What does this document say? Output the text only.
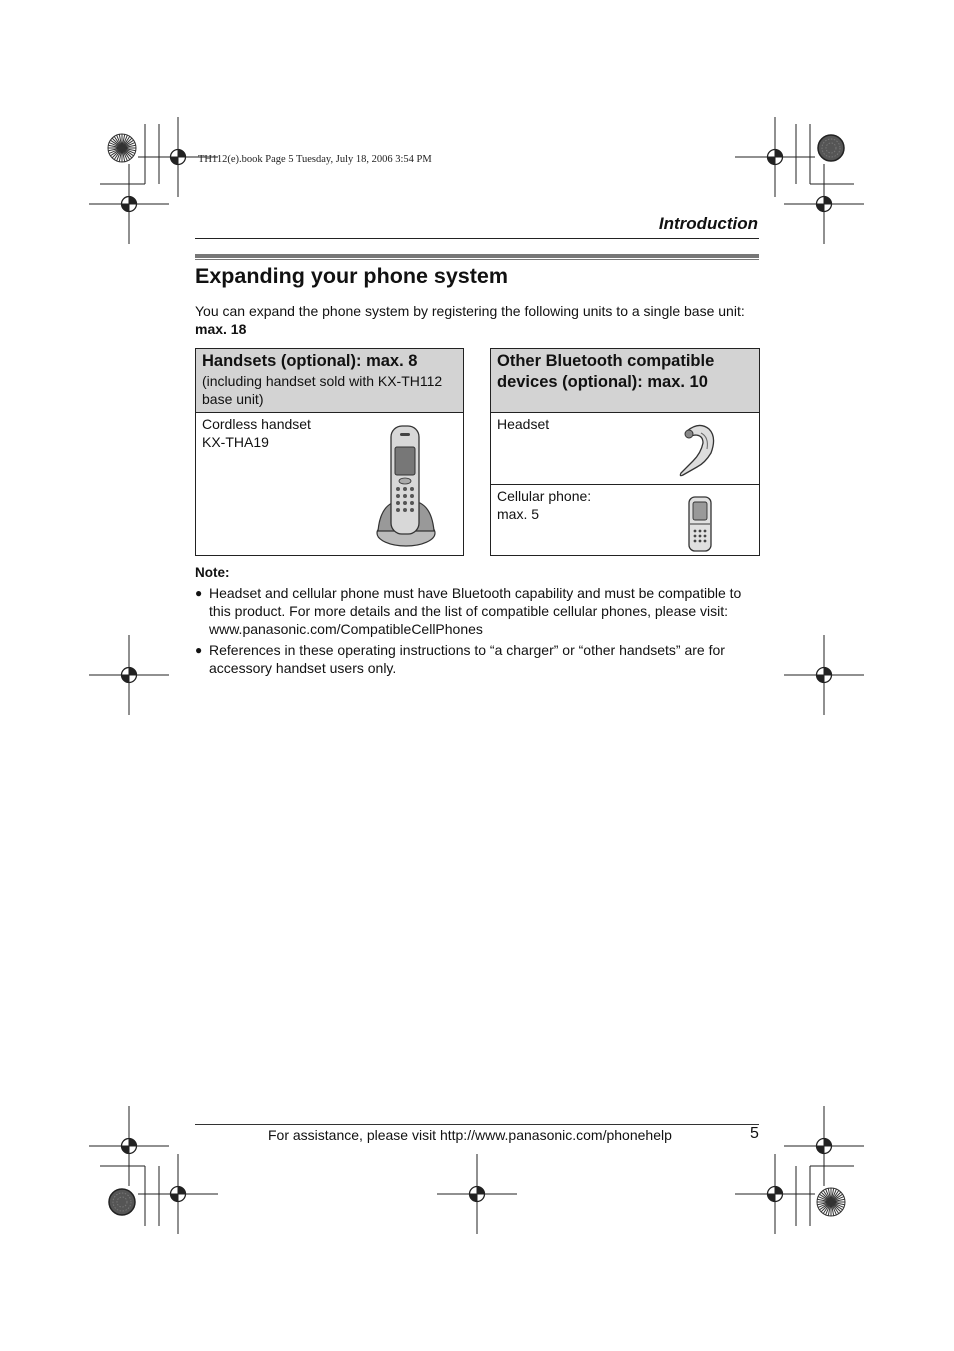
TH112(e).book Page 5 Tuesday, July 18, 2006 3:54 PM
Introduction
Expanding your phone system
You can expand the phone system by registering the following units to a single base unit:
max. 18
Handsets (optional): max. 8
(including handset sold with KX-TH112 base unit)
Cordless handset
KX-THA19
Other Bluetooth compatible devices (optional): max. 10
Headset
Cellular phone:
max. 5
Note:
● Headset and cellular phone must have Bluetooth capability and must be compatible to this product. For more details and the list of compatible cellular phones, please visit: www.panasonic.com/CompatibleCellPhones
● References in these operating instructions to “a charger” or “other handsets” are for accessory handset users only.
For assistance, please visit http://www.panasonic.com/phonehelp	5
